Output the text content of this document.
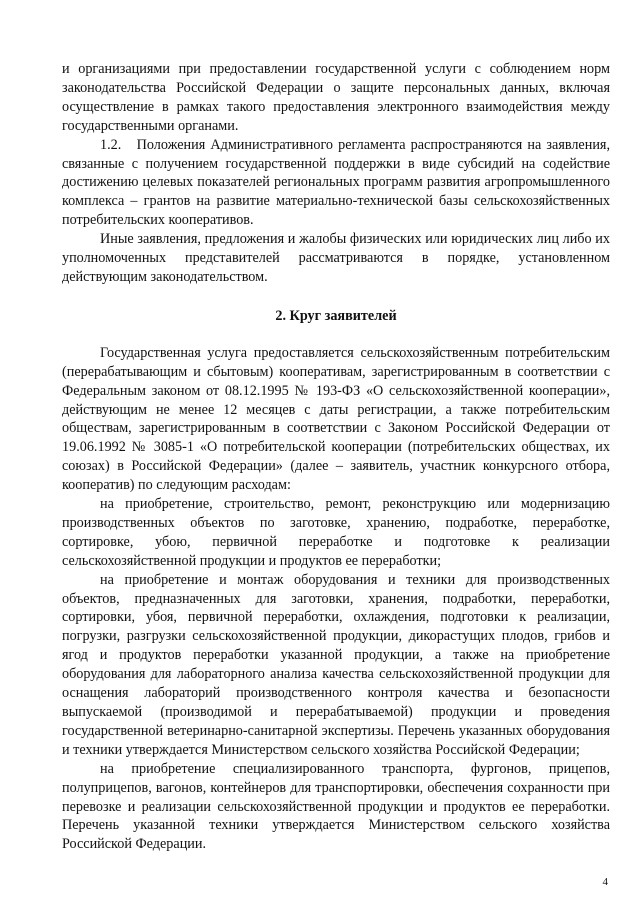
и организациями при предоставлении государственной услуги с соблюдением норм законодательства Российской Федерации о защите персональных данных, включая осуществление в рамках такого предоставления электронного взаимодействия между государственными органами.

1.2.   Положения Административного регламента распространяются на заявления, связанные с получением государственной поддержки в виде субсидий на содействие достижению целевых показателей региональных программ развития агропромышленного комплекса – грантов на развитие материально-технической базы сельскохозяйственных потребительских кооперативов.

Иные заявления, предложения и жалобы физических или юридических лиц либо их уполномоченных представителей рассматриваются в порядке, установленном действующим законодательством.

2. Круг заявителей

Государственная услуга предоставляется сельскохозяйственным потребительским (перерабатывающим и сбытовым) кооперативам, зарегистрированным в соответствии с Федеральным законом от 08.12.1995 № 193-ФЗ «О сельскохозяйственной кооперации», действующим не менее 12 месяцев с даты регистрации, а также потребительским обществам, зарегистрированным в соответствии с Законом Российской Федерации от 19.06.1992 № 3085-1 «О потребительской кооперации (потребительских обществах, их союзах) в Российской Федерации» (далее – заявитель, участник конкурсного отбора, кооператив) по следующим расходам:

на приобретение, строительство, ремонт, реконструкцию или модернизацию производственных объектов по заготовке, хранению, подработке, переработке, сортировке, убою, первичной переработке и подготовке к реализации сельскохозяйственной продукции и продуктов ее переработки;

на приобретение и монтаж оборудования и техники для производственных объектов, предназначенных для заготовки, хранения, подработки, переработки, сортировки, убоя, первичной переработки, охлаждения, подготовки к реализации, погрузки, разгрузки сельскохозяйственной продукции, дикорастущих плодов, грибов и ягод и продуктов переработки указанной продукции, а также на приобретение оборудования для лабораторного анализа качества сельскохозяйственной продукции для оснащения лабораторий производственного контроля качества и безопасности выпускаемой (производимой и перерабатываемой) продукции и проведения государственной ветеринарно-санитарной экспертизы. Перечень указанных оборудования и техники утверждается Министерством сельского хозяйства Российской Федерации;

на приобретение специализированного транспорта, фургонов, прицепов, полуприцепов, вагонов, контейнеров для транспортировки, обеспечения сохранности при перевозке и реализации сельскохозяйственной продукции и продуктов ее переработки. Перечень указанной техники утверждается Министерством сельского хозяйства Российской Федерации.

4
